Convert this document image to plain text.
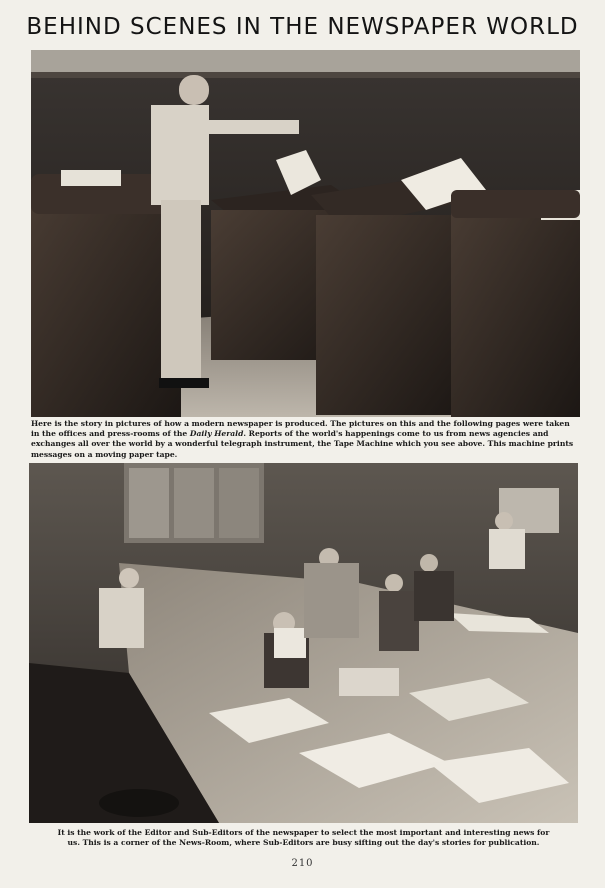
BEHIND SCENES IN THE NEWSPAPER WORLD
Here is the story in pictures of how a modern newspaper is produced. The pictures on this and the following pages were taken in the offices and press-rooms of the Daily Herald. Reports of the world's happenings come to us from news agencies and exchanges all over the world by a wonderful telegraph instrument, the Tape Machine which you see above. This machine prints messages on a moving paper tape.
It is the work of the Editor and Sub-Editors of the newspaper to select the most important and interesting news for
us. This is a corner of the News-Room, where Sub-Editors are busy sifting out the day's stories for publication.
210
